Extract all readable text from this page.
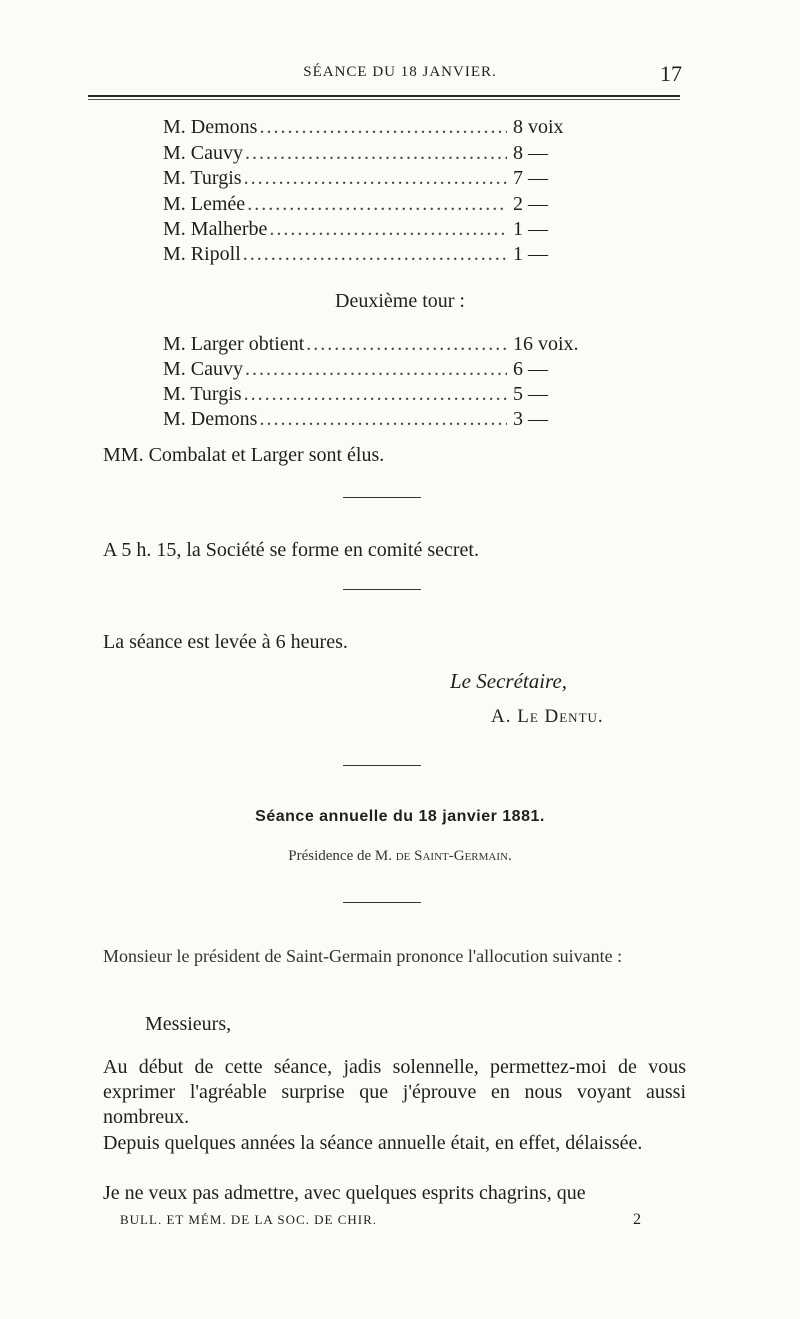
SÉANCE DU 18 JANVIER.	17
M. Demons .....	8 voix
M. Cauvy .....	8 —
M. Turgis .....	7 —
M. Lemée .....	2 —
M. Malherbe .....	1 —
M. Ripoll .....	1 —
Deuxième tour :
M. Larger obtient .....	16 voix.
M. Cauvy .....	6 —
M. Turgis .....	5 —
M. Demons .....	3 —
MM. Combalat et Larger sont élus.
A 5 h. 15, la Société se forme en comité secret.
La séance est levée à 6 heures.
Le Secrétaire,
A. Le Dentu.
Séance annuelle du 18 janvier 1881.
Présidence de M. de Saint-Germain.
Monsieur le président de Saint-Germain prononce l'allocution suivante :
Messieurs,
Au début de cette séance, jadis solennelle, permettez-moi de vous exprimer l'agréable surprise que j'éprouve en nous voyant aussi nombreux.
Depuis quelques années la séance annuelle était, en effet, délaissée.
Je ne veux pas admettre, avec quelques esprits chagrins, que
BULL. ET MÉM. DE LA SOC. DE CHIR.	2
